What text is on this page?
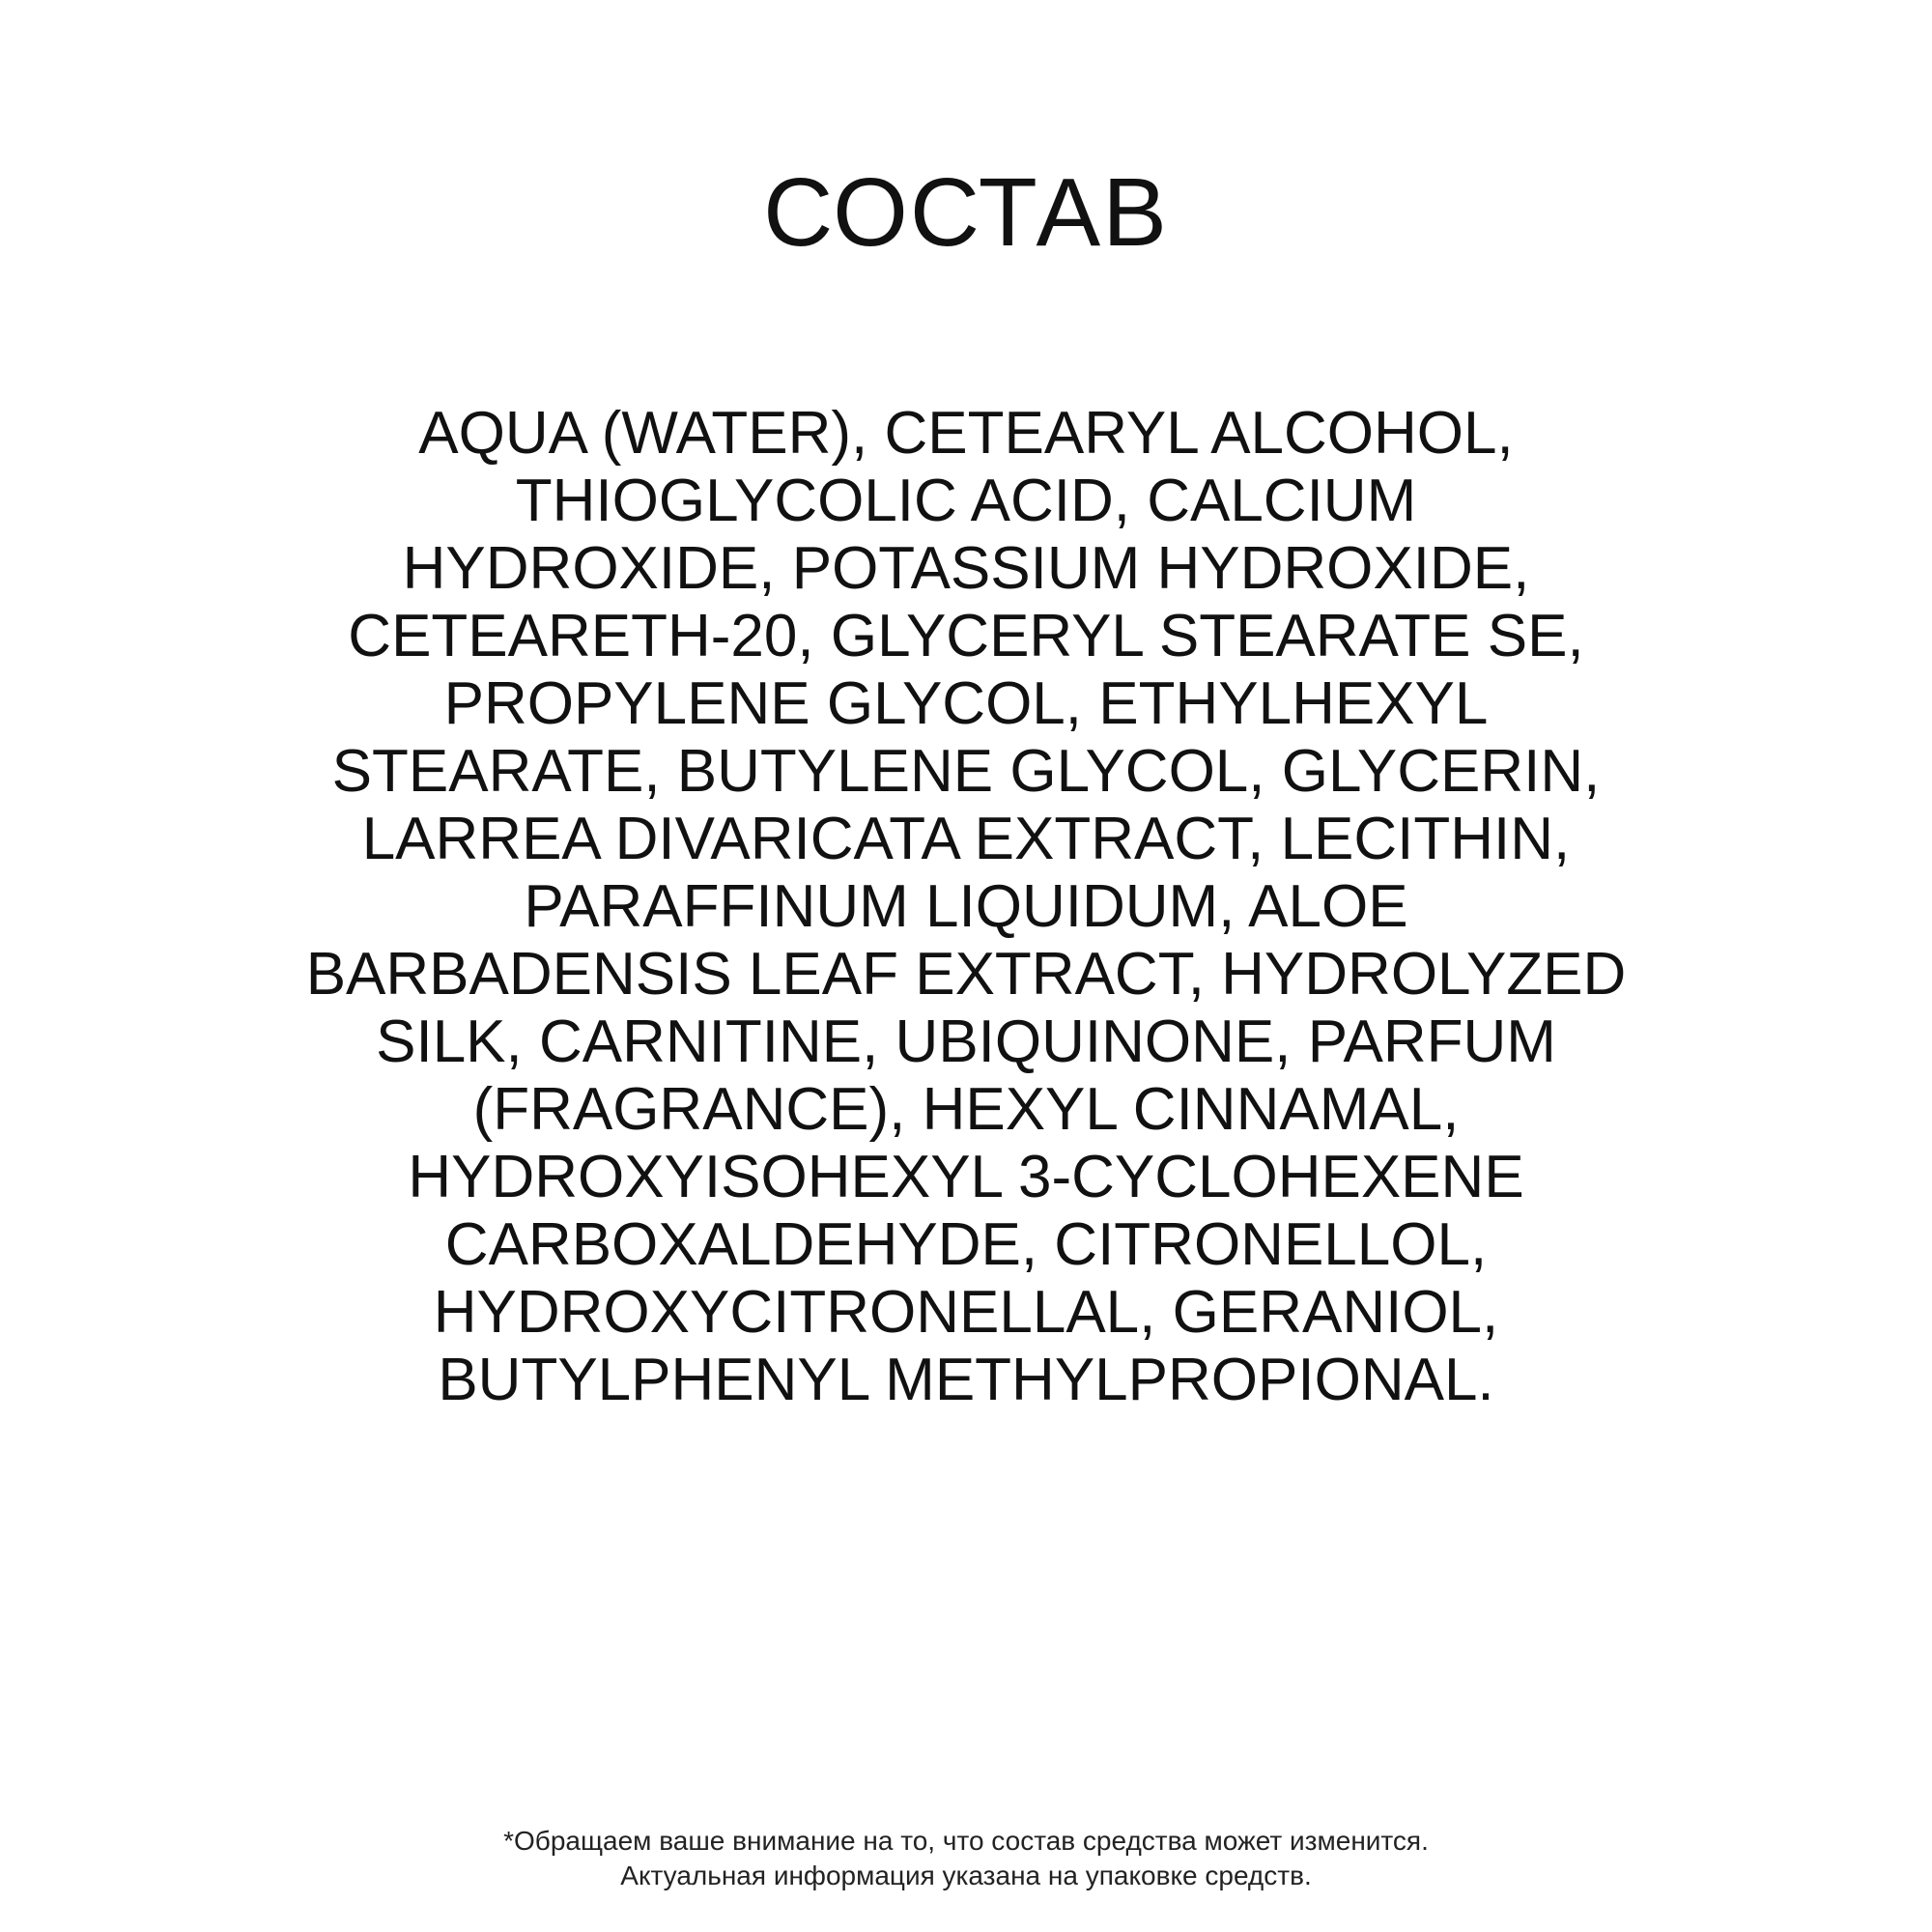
СОСТАВ
AQUA (WATER), CETEARYL ALCOHOL,
THIOGLYCOLIC ACID, CALCIUM
HYDROXIDE, POTASSIUM HYDROXIDE,
CETEARETH-20, GLYCERYL STEARATE SE,
PROPYLENE GLYCOL, ETHYLHEXYL
STEARATE, BUTYLENE GLYCOL, GLYCERIN,
LARREA DIVARICATA EXTRACT, LECITHIN,
PARAFFINUM LIQUIDUM, ALOE
BARBADENSIS LEAF EXTRACT, HYDROLYZED
SILK, CARNITINE, UBIQUINONE, PARFUM
(FRAGRANCE), HEXYL CINNAMAL,
HYDROXYISOHEXYL 3-CYCLOHEXENE
CARBOXALDEHYDE, CITRONELLOL,
HYDROXYCITRONELLAL, GERANIOL,
BUTYLPHENYL METHYLPROPIONAL.
*Обращаем ваше внимание на то, что состав средства может изменится.
Актуальная информация указана на упаковке средств.
